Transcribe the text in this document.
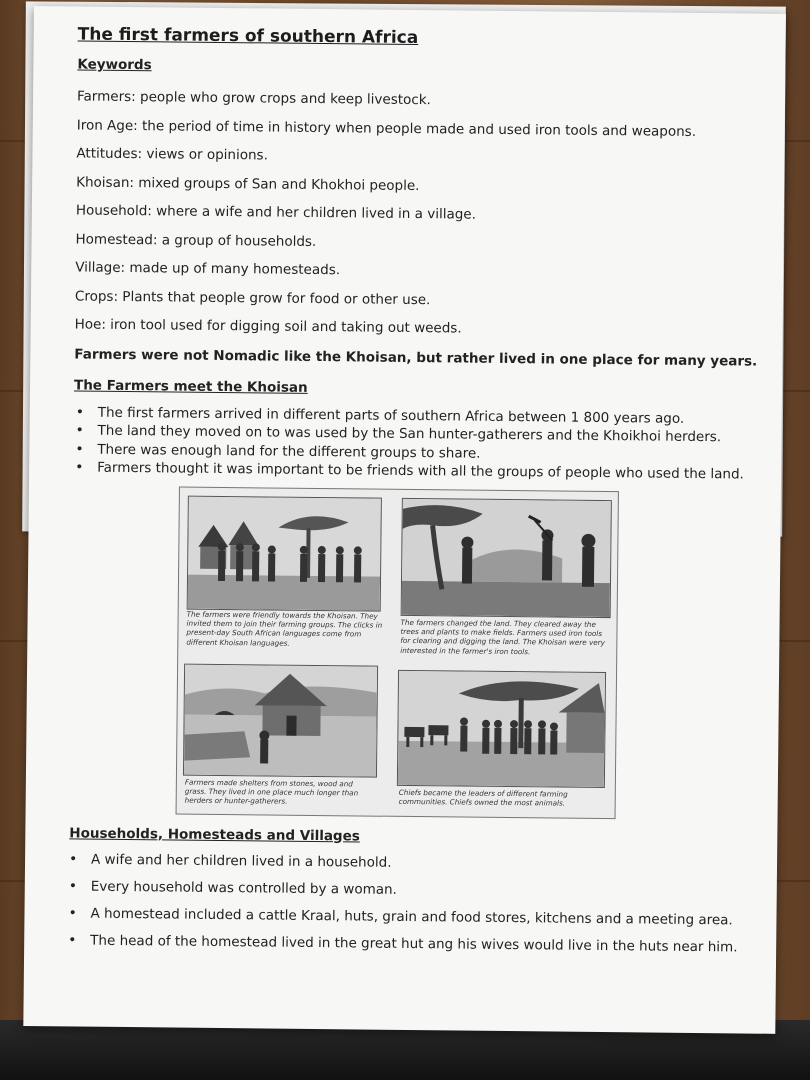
The first farmers of southern Africa
Keywords

Farmers: people who grow crops and keep livestock.

Iron Age: the period of time in history when people made and used iron tools and weapons.

Attitudes: views or opinions.

Khoisan: mixed groups of San and Khokhoi people.

Household: where a wife and her children lived in a village.

Homestead: a group of households.

Village: made up of many homesteads.

Crops: Plants that people grow for food or other use.

Hoe: iron tool used for digging soil and taking out weeds.

Farmers were not Nomadic like the Khoisan, but rather lived in one place for many years.

The Farmers meet the Khoisan
• The first farmers arrived in different parts of southern Africa between 1 800 years ago.
• The land they moved on to was used by the San hunter-gatherers and the Khoikhoi herders.
• There was enough land for the different groups to share.
• Farmers thought it was important to be friends with all the groups of people who used the land.
The farmers were friendly towards the Khoisan. They invited them to join their farming groups. The clicks in present-day South African languages come from different Khoisan languages.
The farmers changed the land. They cleared away the trees and plants to make fields. Farmers used iron tools for clearing and digging the land. The Khoisan were very interested in the farmer's iron tools.
Farmers made shelters from stones, wood and grass. They lived in one place much longer than herders or hunter-gatherers.
Chiefs became the leaders of different farming communities. Chiefs owned the most animals.
Households, Homesteads and Villages
• A wife and her children lived in a household.
• Every household was controlled by a woman.
• A homestead included a cattle Kraal, huts, grain and food stores, kitchens and a meeting area.
• The head of the homestead lived in the great hut ang his wives would live in the huts near him.
